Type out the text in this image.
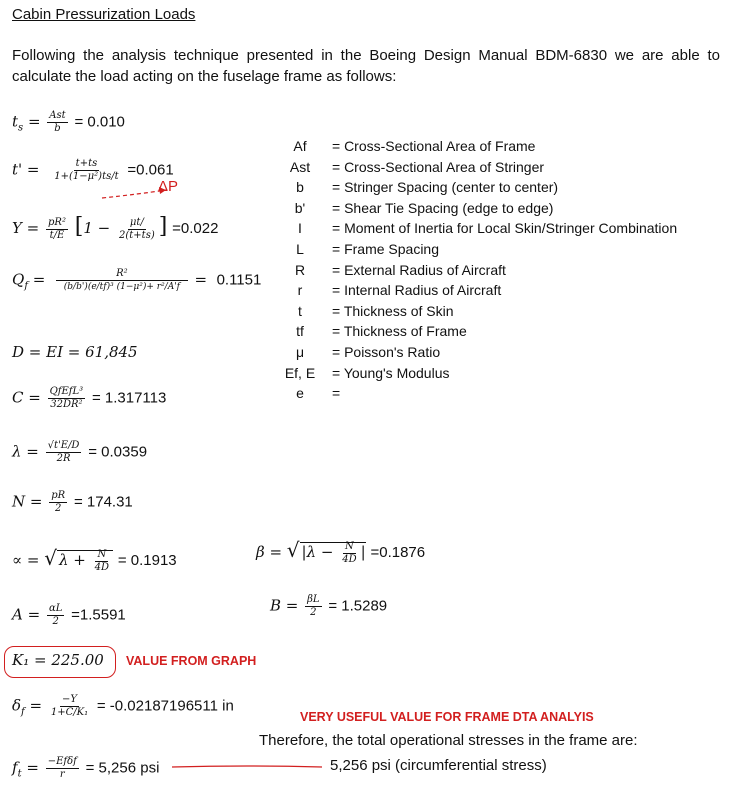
Cabin Pressurization Loads
Following the analysis technique presented in the Boeing Design Manual BDM-6830 we are able to calculate the load acting on the fuselage frame as follows:
$t_s = \frac{\text{Ast}}{b} = 0.010$
$t' = \frac{t+ts}{\text{1+(1−μ²)ts/t}} =0.061$
ΔP
$Y = \frac{\text{pR²}}{t/E} [1 - \frac{\mu t/}{2(t+ts)}$ ] =0.022
$Q_f = \frac{\text{R²}}{\text{(b/b')(e/tf)³ (1−μ²)+ r²/A'f}} = 0.1151$
D = EI = 61,845
$C = \frac{\text{QfEfL³}}{\text{32DR²}} = 1.317113$
$\lambda = \frac{√t'E/D}{2R} = 0.0359$
$N = \frac{pR}{2} = 174.31$
∝ = √ $\lambda + \frac{N}{4D} = 0.1913$	β = √ $|\lambda - \frac{N}{4D}$ | =0.1876
$A = \frac{\alpha L}{2} =1.5591$
$B = \frac{\beta L}{2} = 1.5289$
K₁ = 225.00 VALUE FROM GRAPH
$\delta_f = \frac{-Y}{\text{1+C/K₁}} = -0.02187196511$ in
VERY USEFUL VALUE FOR FRAME DTA ANALYIS
Therefore, the total operational stresses in the frame are:
$f_t = \frac{\text{−Efδf}}{r} = 5,256$ psi	5,256 psi (circumferential stress)
Af
Ast
b
b'
I
L
R
r
t
tf
μ
Ef, E
e
= Cross-Sectional Area of Frame
= Cross-Sectional Area of Stringer
= Stringer Spacing (center to center)
= Shear Tie Spacing (edge to edge)
= Moment of Inertia for Local Skin/Stringer Combination
= Frame Spacing
= External Radius of Aircraft
= Internal Radius of Aircraft
= Thickness of Skin
= Thickness of Frame
= Poisson's Ratio
= Young's Modulus
=
